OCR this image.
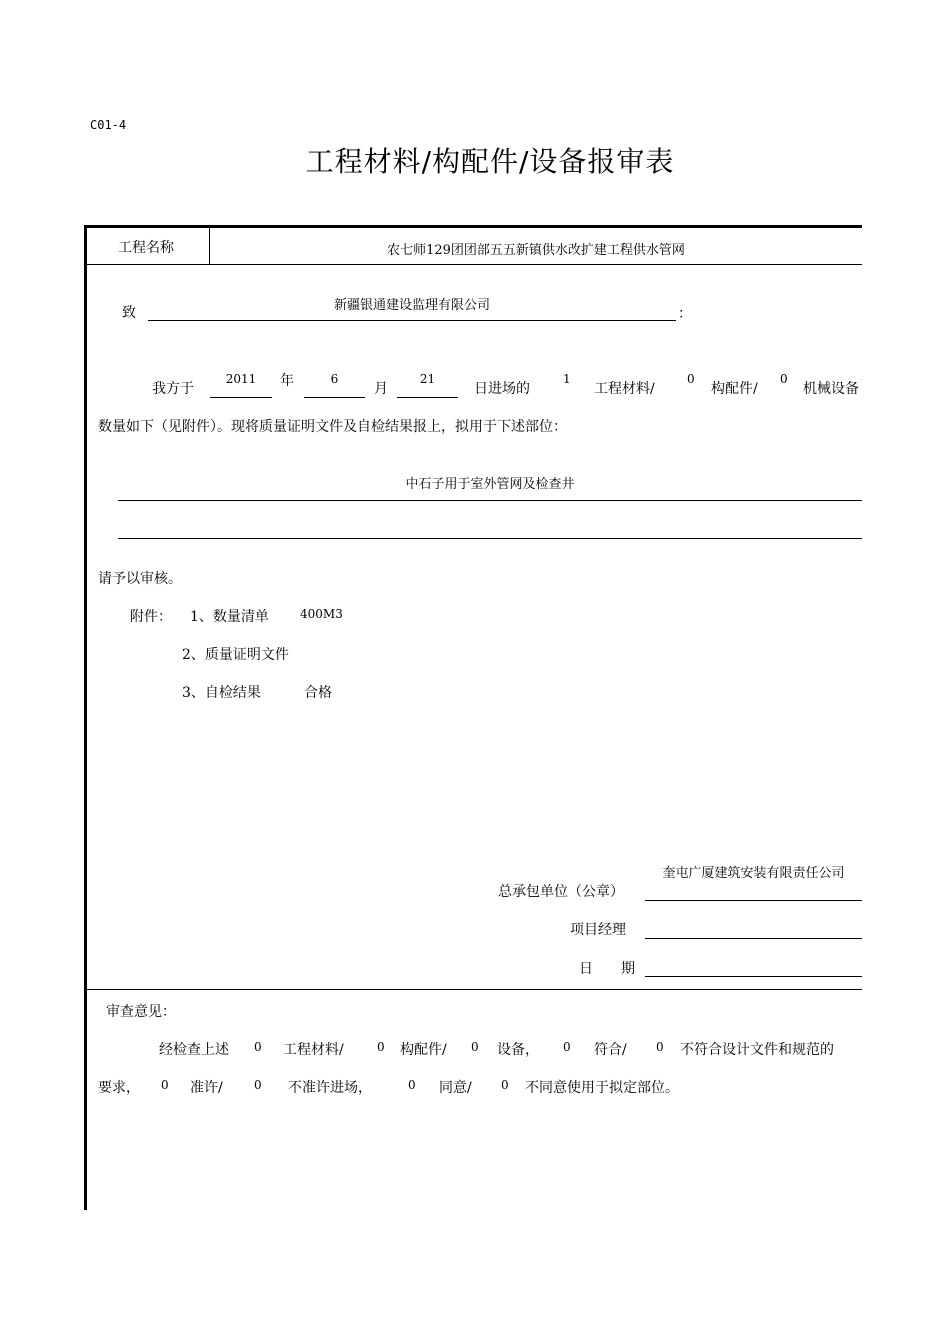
C01-4
工程材料/构配件/设备报审表
工程名称	农七师129团团部五五新镇供水改扩建工程供水管网
致	新疆银通建设监理有限公司
：
我方于
2011	年	6
月
21
日进场的
1
工程材料/
0
构配件/
0
机械设备
数量如下（见附件）。现将质量证明文件及自检结果报上，拟用于下述部位：
中石子用于室外管网及检查井
请予以审核。
附件： 1、数量清单	400M3
2、质量证明文件
3、自检结果	合格
总承包单位（公章）
奎屯广厦建筑安装有限责任公司
项目经理
日　　期
审查意见：
经检查上述 0 工程材料/	0 构配件/ 0 设备， 0 符合/ 0 不符合设计文件和规范的
要求， 0 准许/	0 不准许进场，	0 同意/ 0 不同意使用于拟定部位。
